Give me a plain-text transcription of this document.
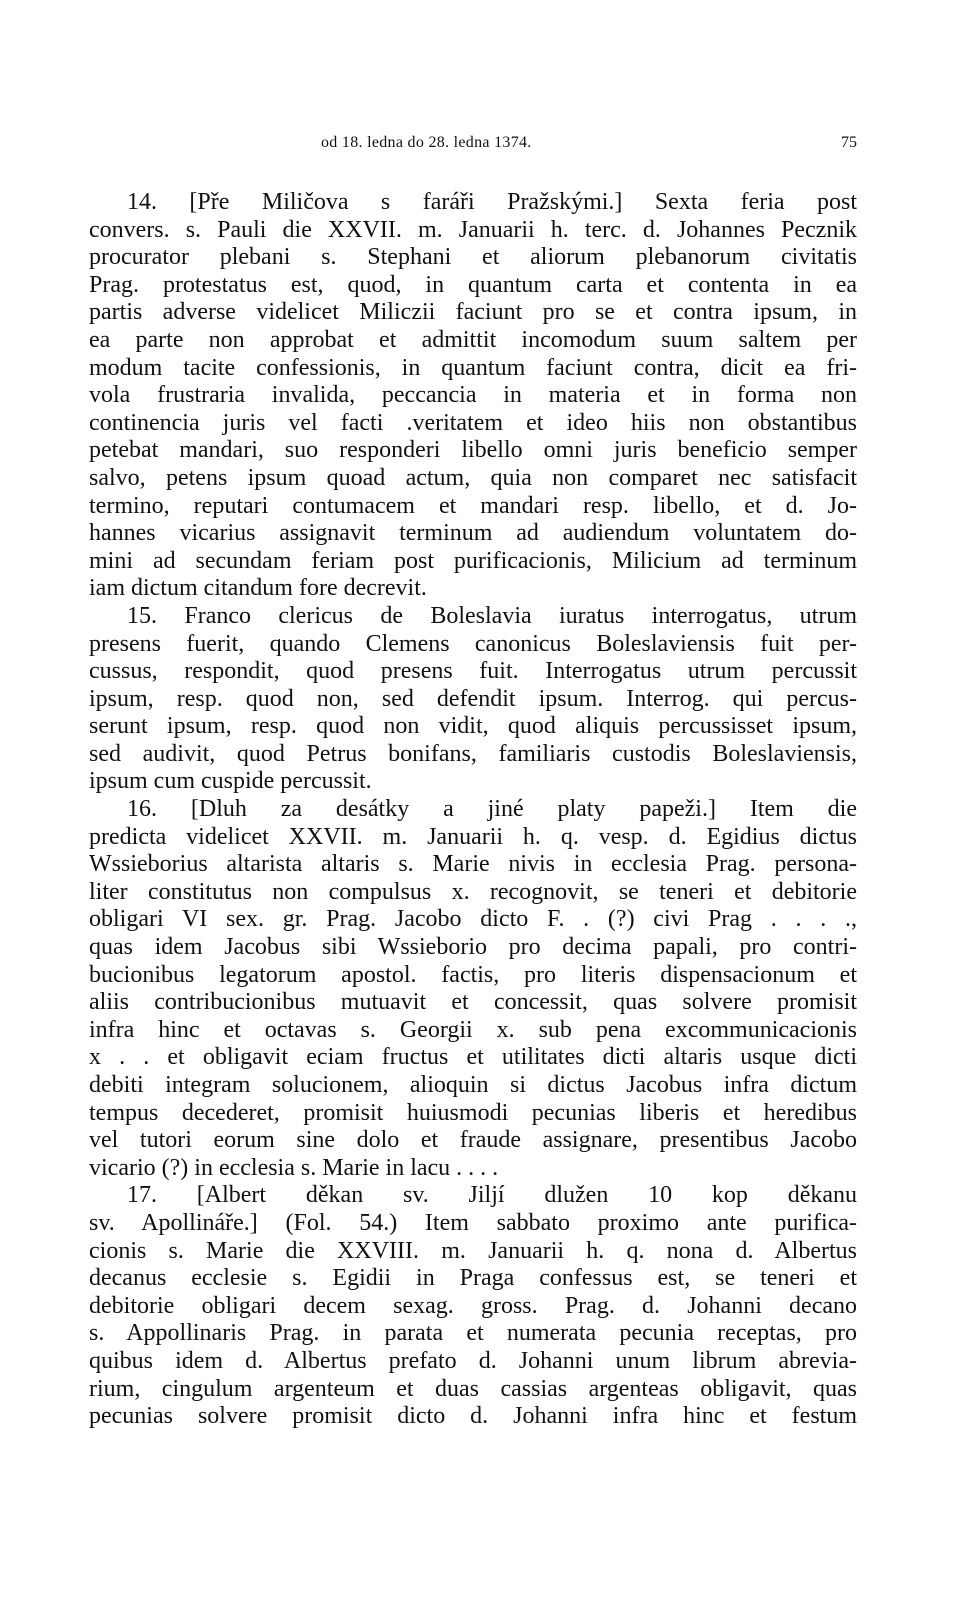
od 18. ledna do 28. ledna 1374.	75
14. [Pře Miličova s faráři Pražskými.] Sexta feria post
convers. s. Pauli die XXVII. m. Januarii h. terc. d. Johannes Pecznik
procurator plebani s. Stephani et aliorum plebanorum civitatis
Prag. protestatus est, quod, in quantum carta et contenta in ea
partis adverse videlicet Miliczii faciunt pro se et contra ipsum, in
ea parte non approbat et admittit incomodum suum saltem per
modum tacite confessionis, in quantum faciunt contra, dicit ea fri-
vola frustraria invalida, peccancia in materia et in forma non
continencia juris vel facti .veritatem et ideo hiis non obstantibus
petebat mandari, suo responderi libello omni juris beneficio semper
salvo, petens ipsum quoad actum, quia non comparet nec satisfacit
termino, reputari contumacem et mandari resp. libello, et d. Jo-
hannes vicarius assignavit terminum ad audiendum voluntatem do-
mini ad secundam feriam post purificacionis, Milicium ad terminum
iam dictum citandum fore decrevit.
15. Franco clericus de Boleslavia iuratus interrogatus, utrum
presens fuerit, quando Clemens canonicus Boleslaviensis fuit per-
cussus, respondit, quod presens fuit. Interrogatus utrum percussit
ipsum, resp. quod non, sed defendit ipsum. Interrog. qui percus-
serunt ipsum, resp. quod non vidit, quod aliquis percussisset ipsum,
sed audivit, quod Petrus bonifans, familiaris custodis Boleslaviensis,
ipsum cum cuspide percussit.
16. [Dluh za desátky a jiné platy papeži.] Item die
predicta videlicet XXVII. m. Januarii h. q. vesp. d. Egidius dictus
Wssieborius altarista altaris s. Marie nivis in ecclesia Prag. persona-
liter constitutus non compulsus x. recognovit, se teneri et debitorie
obligari VI sex. gr. Prag. Jacobo dicto F. . (?) civi Prag . . . .,
quas idem Jacobus sibi Wssieborio pro decima papali, pro contri-
bucionibus legatorum apostol. factis, pro literis dispensacionum et
aliis contribucionibus mutuavit et concessit, quas solvere promisit
infra hinc et octavas s. Georgii x. sub pena excommunicacionis
x . . et obligavit eciam fructus et utilitates dicti altaris usque dicti
debiti integram solucionem, alioquin si dictus Jacobus infra dictum
tempus decederet, promisit huiusmodi pecunias liberis et heredibus
vel tutori eorum sine dolo et fraude assignare, presentibus Jacobo
vicario (?) in ecclesia s. Marie in lacu . . . .
17. [Albert děkan sv. Jiljí dlužen 10 kop děkanu
sv. Apollináře.] (Fol. 54.) Item sabbato proximo ante purifica-
cionis s. Marie die XXVIII. m. Januarii h. q. nona d. Albertus
decanus ecclesie s. Egidii in Praga confessus est, se teneri et
debitorie obligari decem sexag. gross. Prag. d. Johanni decano
s. Appollinaris Prag. in parata et numerata pecunia receptas, pro
quibus idem d. Albertus prefato d. Johanni unum librum abrevia-
rium, cingulum argenteum et duas cassias argenteas obligavit, quas
pecunias solvere promisit dicto d. Johanni infra hinc et festum
